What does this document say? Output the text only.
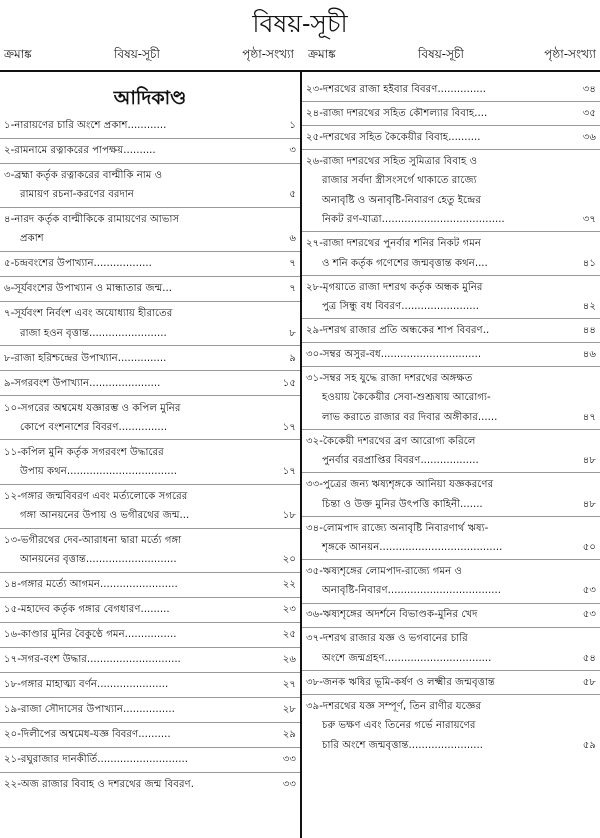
বিষয়-সূচী
ক্রমাঙ্ক	বিষয়-সূচী	পৃষ্ঠা-সংখ্যা ক্রমাঙ্ক	বিষয়-সূচী	পৃষ্ঠা-সংখ্যা
আদিকাণ্ড
১-নারায়ণের চারি অংশে প্রকাশ............	১
২-রামনামে রত্নাকরের পাপক্ষয়..........	৩
৩-ব্রহ্মা কর্তৃক রত্নাকরের বাল্মীকি নাম ও
রামায়ণ রচনা-করণের বরদান	৫
৪-নারদ কর্তৃক বাল্মীকিকে রামায়ণের আভাস
প্রকাশ	৬
৫-চন্দ্রবংশের উপাখ্যান..................	৭
৬-সূর্যবংশের উপাখ্যান ও মান্ধাতার জন্ম...	৭
৭-সূর্যবংশ নির্বংশ এবং অযোধ্যায় হীরাতের
রাজা হওন বৃত্তান্ত........................	৮
৮-রাজা হরিশ্চন্দ্রের উপাখ্যান...............	৯
৯-সগরবংশ উপাখ্যান......................	১৫
১০-সগরের অশ্বমেধ যজ্ঞারম্ভ ও কপিল মুনির
কোপে বংশনাশের বিবরণ...............	১৭
১১-কপিল মুনি কর্তৃক সগরবংশ উদ্ধারের
উপায় কথন..................................	১৭
১২-গঙ্গার জন্মবিবরণ এবং মর্ত্যলোকে সগরের
গঙ্গা আনয়নের উপায় ও ভগীরথের জন্ম...	১৮
১৩-ভগীরথের দেব-আরাধনা দ্বারা মর্ত্যে গঙ্গা
আনয়নের বৃত্তান্ত............................	২০
১৪-গঙ্গার মর্ত্যে আগমন........................	২২
১৫-মহাদেব কর্তৃক গঙ্গার বেগধারণ.........	২৩
১৬-কাণ্ডার মুনির বৈকুণ্ঠে গমন................	২৫
১৭-সগর-বংশ উদ্ধার.............................	২৬
১৮-গঙ্গার মাহাত্ম্য বর্ণন......................	২৭
১৯-রাজা সৌদাসের উপাখ্যান................	২৮
২০-দিলীপের অশ্বমেধ-যজ্ঞ বিবরণ..........	২৯
২১-রঘুরাজার দানকীর্তি............................	৩৩
২২-অজ রাজার বিবাহ ও দশরথের জন্ম বিবরণ.	৩৩
২৩-দশরথের রাজা হইবার বিবরণ...............	৩৪
২৪-রাজা দশরথের সহিত কৌশল্যার বিবাহ....	৩৫
২৫-দশরথের সহিত কৈকেয়ীর বিবাহ..........	৩৬
২৬-রাজা দশরথের সহিত সুমিত্রার বিবাহ ও
রাজার সর্বদা স্ত্রীসংসর্গে থাকাতে রাজ্যে
অনাবৃষ্টি ও অনাবৃষ্টি-নিবারণ হেতু ইন্দ্রের
নিকট রণ-যাত্রা......................................	৩৭
২৭-রাজা দশরথের পুনর্বার শনির নিকট গমন
ও শনি কর্তৃক গণেশের জন্মবৃত্তান্ত কথন....	৪১
২৮-মৃগয়াতে রাজা দশরথ কর্তৃক অন্ধক মুনির
পুত্র সিন্ধু বধ বিবরণ........................	৪২
২৯-দশরথ রাজার প্রতি অন্ধকের শাপ বিবরণ..	৪৪
৩০-সম্বর অসুর-বধ...............................	৪৬
৩১-সম্বর সহ যুদ্ধে রাজা দশরথের অঙ্গক্ষত
হওয়ায় কৈকেয়ীর সেবা-শুশ্রূষায় আরোগ্য-
লাভ করাতে রাজার বর দিবার অঙ্গীকার......	৪৭
৩২-কৈকেয়ী দশরথের ব্রণ আরোগ্য করিলে
পুনর্বার বরপ্রাপ্তির বিবরণ..................	৪৮
৩৩-পুত্রের জন্য ঋষ্যশৃঙ্গকে আনিয়া যজ্ঞকরণের
চিন্তা ও উক্ত মুনির উৎপত্তি কাহিনী.......	৪৮
৩৪-লোমপাদ রাজ্যে অনাবৃষ্টি নিবারণার্থ ঋষ্য-
শৃঙ্গকে আনয়ন......................................	৫০
৩৫-ঋষ্যশৃঙ্গের লোমপাদ-রাজ্যে গমন ও
অনাবৃষ্টি-নিবারণ...................................	৫৩
৩৬-ঋষ্যশৃঙ্গের অদর্শনে বিভাণ্ডক-মুনির খেদ	৫৩
৩৭-দশরথ রাজার যজ্ঞ ও ভগবানের চারি
অংশে জন্মগ্রহণ.................................	৫৪
৩৮-জনক ঋষির ভূমি-কর্ষণ ও লক্ষ্মীর জন্মবৃত্তান্ত	৫৮
৩৯-দশরথের যজ্ঞ সম্পূর্ণ, তিন রাণীর যজ্ঞের
চরু ভক্ষণ এবং তিনের গর্ভে নারায়ণের
চারি অংশে জন্মবৃত্তান্ত.......................	৫৯
